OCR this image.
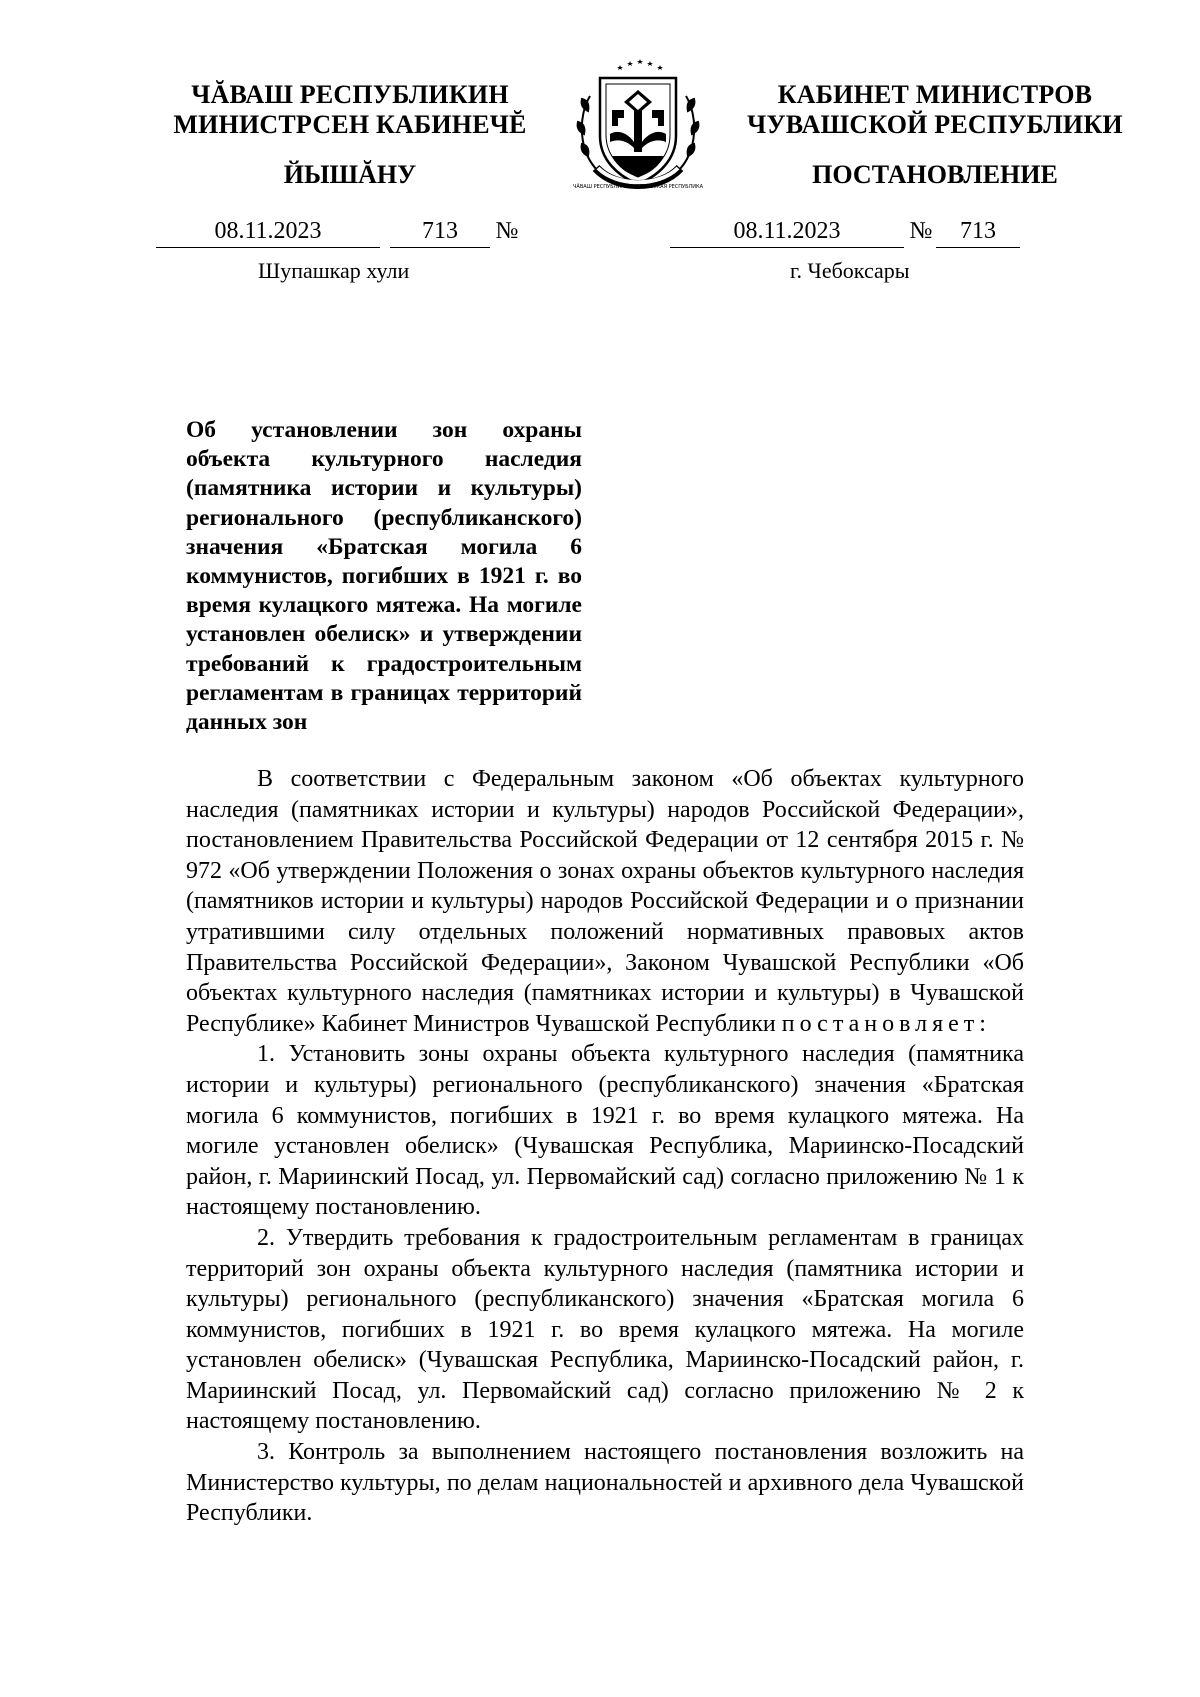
ЧĂВАШ РЕСПУБЛИКИН
МИНИСТРСЕН КАБИНЕЧĔ
ЙЫШĂНУ
КАБИНЕТ МИНИСТРОВ
ЧУВАШСКОЙ РЕСПУБЛИКИ
ПОСТАНОВЛЕНИЕ
ЧĂВАШ РЕСПУБЛИКИ • ЧУВАШСКАЯ РЕСПУБЛИКА
08.11.2023	713	№	08.11.2023	№	713
Шупашкар хули	г. Чебоксары
Об установлении зон охраны объекта культурного наследия (памятника истории и культуры) регионального (республиканского) значения «Братская могила 6 коммунистов, погибших в 1921 г. во время кулацкого мятежа. На могиле установлен обелиск» и утверждении требований к градостроительным регламентам в границах территорий данных зон

В соответствии с Федеральным законом «Об объектах культурного наследия (памятниках истории и культуры) народов Российской Федерации», постановлением Правительства Российской Федерации от 12 сентября 2015 г. № 972 «Об утверждении Положения о зонах охраны объектов культурного наследия (памятников истории и культуры) народов Российской Федерации и о признании утратившими силу отдельных положений нормативных правовых актов Правительства Российской Федерации», Законом Чувашской Республики «Об объектах культурного наследия (памятниках истории и культуры) в Чувашской Республике» Кабинет Министров Чувашской Республики постановляет:

1. Установить зоны охраны объекта культурного наследия (памятника истории и культуры) регионального (республиканского) значения «Братская могила 6 коммунистов, погибших в 1921 г. во время кулацкого мятежа. На могиле установлен обелиск» (Чувашская Республика, Мариинско-Посадский район, г. Мариинский Посад, ул. Первомайский сад) согласно приложению № 1 к настоящему постановлению.

2. Утвердить требования к градостроительным регламентам в границах территорий зон охраны объекта культурного наследия (памятника истории и культуры) регионального (республиканского) значения «Братская могила 6 коммунистов, погибших в 1921 г. во время кулацкого мятежа. На могиле установлен обелиск» (Чувашская Республика, Мариинско-Посадский район, г. Мариинский Посад, ул. Первомайский сад) согласно приложению № 2 к настоящему постановлению.

3. Контроль за выполнением настоящего постановления возложить на Министерство культуры, по делам национальностей и архивного дела Чувашской Республики.
